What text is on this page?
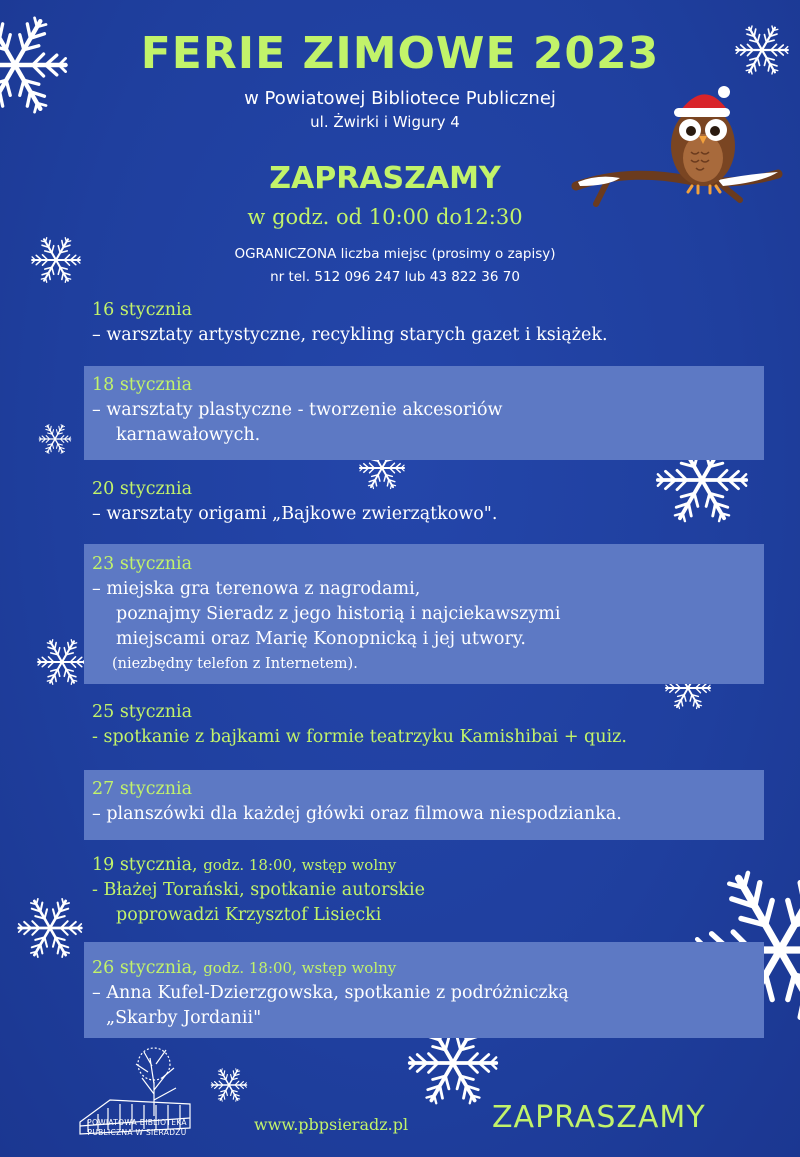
FERIE ZIMOWE 2023
w Powiatowej Bibliotece Publicznej
ul. Żwirki i Wigury 4
ZAPRASZAMY
w godz. od 10:00 do12:30
OGRANICZONA liczba miejsc (prosimy o zapisy)
nr tel. 512 096 247 lub 43 822 36 70
16 stycznia
– warsztaty artystyczne, recykling starych gazet i książek.
18 stycznia
– warsztaty plastyczne - tworzenie akcesoriów
karnawałowych.
20 stycznia
– warsztaty origami „Bajkowe zwierzątkowo".
23 stycznia
– miejska gra terenowa z nagrodami,
poznajmy Sieradz z jego historią i najciekawszymi
miejscami oraz Marię Konopnicką i jej utwory.
(niezbędny telefon z Internetem).
25 stycznia
- spotkanie z bajkami w formie teatrzyku Kamishibai + quiz.
27 stycznia
– planszówki dla każdej główki oraz filmowa niespodzianka.
19 stycznia, godz. 18:00, wstęp wolny
- Błażej Torański, spotkanie autorskie
poprowadzi Krzysztof Lisiecki
26 stycznia, godz. 18:00, wstęp wolny
– Anna Kufel-Dzierzgowska, spotkanie z podróżniczką
„Skarby Jordanii"
POWIATOWA BIBLIOTEKA
PUBLICZNA W SIERADZU	www.pbpsieradz.pl	ZAPRASZAMY
